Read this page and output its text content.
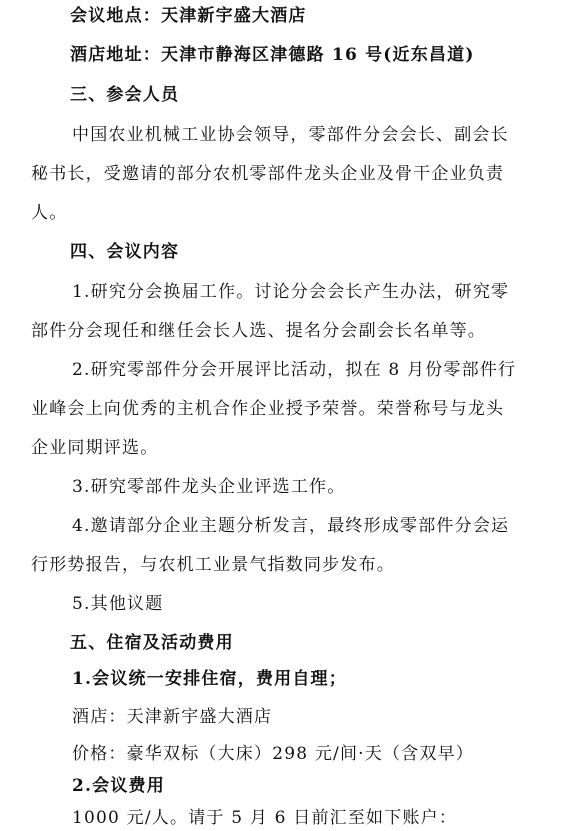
会议地点：天津新宇盛大酒店
酒店地址：天津市静海区津德路 16 号(近东昌道)
三、参会人员
中国农业机械工业协会领导，零部件分会会长、副会长
秘书长，受邀请的部分农机零部件龙头企业及骨干企业负责
人。
四、会议内容
1.研究分会换届工作。讨论分会会长产生办法，研究零
部件分会现任和继任会长人选、提名分会副会长名单等。
2.研究零部件分会开展评比活动，拟在 8 月份零部件行
业峰会上向优秀的主机合作企业授予荣誉。荣誉称号与龙头
企业同期评选。
3.研究零部件龙头企业评选工作。
4.邀请部分企业主题分析发言，最终形成零部件分会运
行形势报告，与农机工业景气指数同步发布。
5.其他议题
五、住宿及活动费用
1.会议统一安排住宿，费用自理；
酒店：天津新宇盛大酒店
价格：豪华双标（大床）298 元/间·天（含双早）
2.会议费用
1000 元/人。请于 5 月 6 日前汇至如下账户：
